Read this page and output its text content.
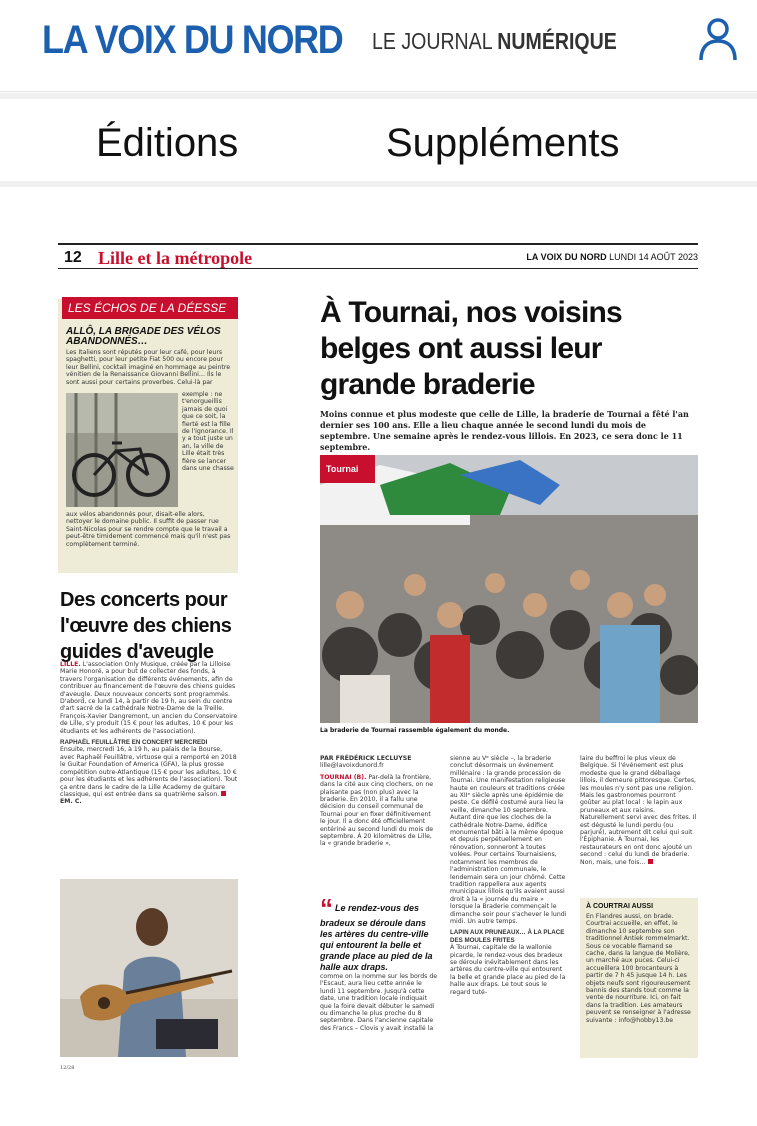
LA VOIX DU NORD LE JOURNAL NUMÉRIQUE
Éditions	Suppléments
12 Lille et la métropole	LA VOIX DU NORD LUNDI 14 AOÛT 2023
LES ÉCHOS DE LA DÉESSE
ALLÔ, LA BRIGADE DES VÉLOS ABANDONNÉS…
Les Italiens sont réputés pour leur café, pour leurs spaghetti, pour leur petite Fiat 500 ou encore pour leur Bellini, cocktail imaginé en hommage au peintre vénitien de la Renaissance Giovanni Bellini… Ils le sont aussi pour certains proverbes. Celui-là par
exemple : ne t'enorgueillis jamais de quoi que ce soit, la fierté est la fille de l'ignorance. Il y a tout juste un an, la ville de Lille était très fière se lancer dans une chasse
aux vélos abandonnés pour, disait-elle alors, nettoyer le domaine public. Il suffit de passer rue Saint-Nicolas pour se rendre compte que le travail a peut-être timidement commencé mais qu'il n'est pas complètement terminé.
Des concerts pour l'œuvre des chiens guides d'aveugle
LILLE. L'association Only Musique, créée par la Lilloise Marie Honoré, a pour but de collecter des fonds, à travers l'organisation de différents événements, afin de contribuer au financement de l'œuvre des chiens guides d'aveugle. Deux nouveaux concerts sont programmés. D'abord, ce lundi 14, à partir de 19 h, au sein du centre d'art sacré de la cathédrale Notre-Dame de la Treille. François-Xavier Dangremont, un ancien du Conservatoire de Lille, s'y produit (15 € pour les adultes, 10 € pour les étudiants et les adhérents de l'association).
RAPHAËL FEUILLÂTRE EN CONCERT MERCREDI
Ensuite, mercredi 16, à 19 h, au palais de la Bourse, avec Raphaël Feuillâtre, virtuose qui a remporté en 2018 le Guitar Foundation of America (GFA), la plus grosse compétition outre-Atlantique (15 € pour les adultes, 10 € pour les étudiants et les adhérents de l'association). Tout ça entre dans le cadre de la Lille Academy de guitare classique, qui est entrée dans sa quatrième saison.  EM. C.
12/28
À Tournai, nos voisins belges ont aussi leur grande braderie
Moins connue et plus modeste que celle de Lille, la braderie de Tournai a fêté l'an dernier ses 100 ans. Elle a lieu chaque année le second lundi du mois de septembre. Une semaine après le rendez-vous lillois. En 2023, ce sera donc le 11 septembre.
Tournai
La braderie de Tournai rassemble également du monde.
PAR FRÉDÉRICK LECLUYSE
lille@lavoixdunord.fr
TOURNAI (B). Par-delà la frontière, dans la cité aux cinq clochers, on ne plaisante pas (non plus) avec la braderie. En 2010, il a fallu une décision du conseil communal de Tournai pour en fixer définitivement le jour. Il a donc été officiellement entériné au second lundi du mois de septembre. À 20 kilomètres de Lille, la « grande braderie »,
“ Le rendez-vous des bradeux se déroule dans les artères du centre-ville qui entourent la belle et grande place au pied de la halle aux draps.
comme on la nomme sur les bords de l'Escaut, aura lieu cette année le lundi 11 septembre. Jusqu'à cette date, une tradition locale indiquait que la foire devait débuter le samedi ou dimanche le plus proche du 8 septembre. Dans l'ancienne capitale des Francs – Clovis y avait installé la
sienne au Vᵉ siècle –, la braderie conclut désormais un événement millénaire : la grande procession de Tournai. Une manifestation religieuse haute en couleurs et traditions créée au XIIᵉ siècle après une épidémie de peste. Ce défilé costumé aura lieu la veille, dimanche 10 septembre. Autant dire que les cloches de la cathédrale Notre-Dame, édifice monumental bâti à la même époque et depuis perpétuellement en rénovation, sonneront à toutes volées. Pour certains Tournaisiens, notamment les membres de l'administration communale, le lendemain sera un jour chômé. Cette tradition rappellera aux agents municipaux lillois qu'ils avaient aussi droit à la « journée du maire » lorsque la Braderie commençait le dimanche soir pour s'achever le lundi midi. Un autre temps.
LAPIN AUX PRUNEAUX… À LA PLACE DES MOULES FRITES
À Tournai, capitale de la wallonie picarde, le rendez-vous des bradeux se déroule inévitablement dans les artères du centre-ville qui entourent la belle et grande place au pied de la halle aux draps. Le tout sous le regard tuté-
laire du beffroi le plus vieux de Belgique. Si l'événement est plus modeste que le grand déballage lillois, il demeure pittoresque. Certes, les moules n'y sont pas une religion. Mais les gastronomes pourront goûter au plat local : le lapin aux pruneaux et aux raisins. Naturellement servi avec des frites. Il est dégusté le lundi perdu (ou parjuré), autrement dit celui qui suit l'Épiphanie. À Tournai, les restaurateurs en ont donc ajouté un second : celui du lundi de braderie. Non, mais, une fois…
À COURTRAI AUSSI
En Flandres aussi, on brade. Courtrai accueille, en effet, le dimanche 10 septembre son traditionnel Antiek rommelmarkt. Sous ce vocable flamand se cache, dans la langue de Molière, un marché aux puces. Celui-ci accueillera 100 brocanteurs à partir de 7 h 45 jusque 14 h. Les objets neufs sont rigoureusement bannis des stands tout comme la vente de nourriture. Ici, on fait dans la tradition. Les amateurs peuvent se renseigner à l'adresse suivante : info@hobby13.be
